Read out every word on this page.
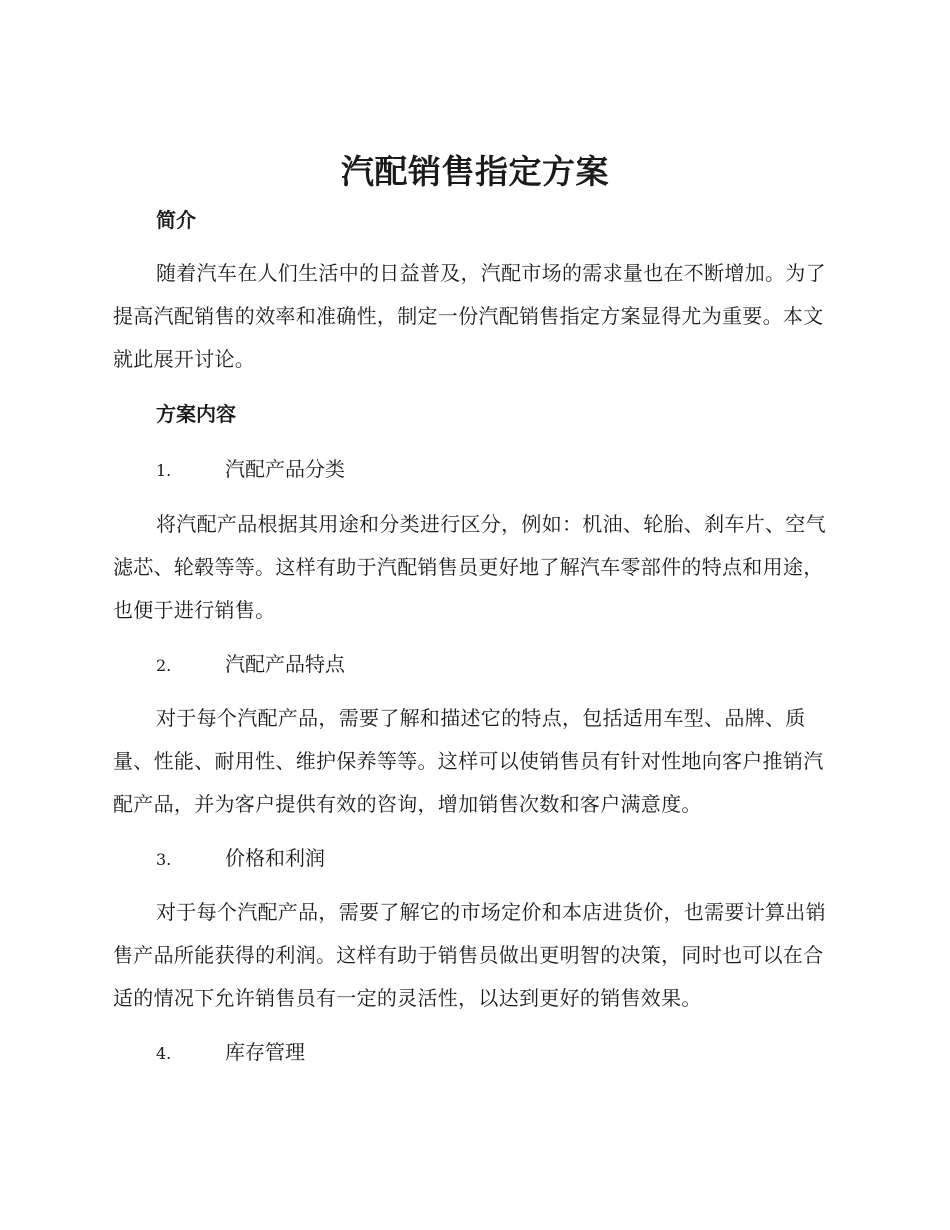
汽配销售指定方案
简介

随着汽车在人们生活中的日益普及，汽配市场的需求量也在不断增加。为了提高汽配销售的效率和准确性，制定一份汽配销售指定方案显得尤为重要。本文就此展开讨论。

方案内容
1.	汽配产品分类

将汽配产品根据其用途和分类进行区分，例如：机油、轮胎、刹车片、空气滤芯、轮毂等等。这样有助于汽配销售员更好地了解汽车零部件的特点和用途，也便于进行销售。

2.	汽配产品特点

对于每个汽配产品，需要了解和描述它的特点，包括适用车型、品牌、质量、性能、耐用性、维护保养等等。这样可以使销售员有针对性地向客户推销汽配产品，并为客户提供有效的咨询，增加销售次数和客户满意度。

3.	价格和利润

对于每个汽配产品，需要了解它的市场定价和本店进货价，也需要计算出销售产品所能获得的利润。这样有助于销售员做出更明智的决策，同时也可以在合适的情况下允许销售员有一定的灵活性，以达到更好的销售效果。

4.	库存管理
